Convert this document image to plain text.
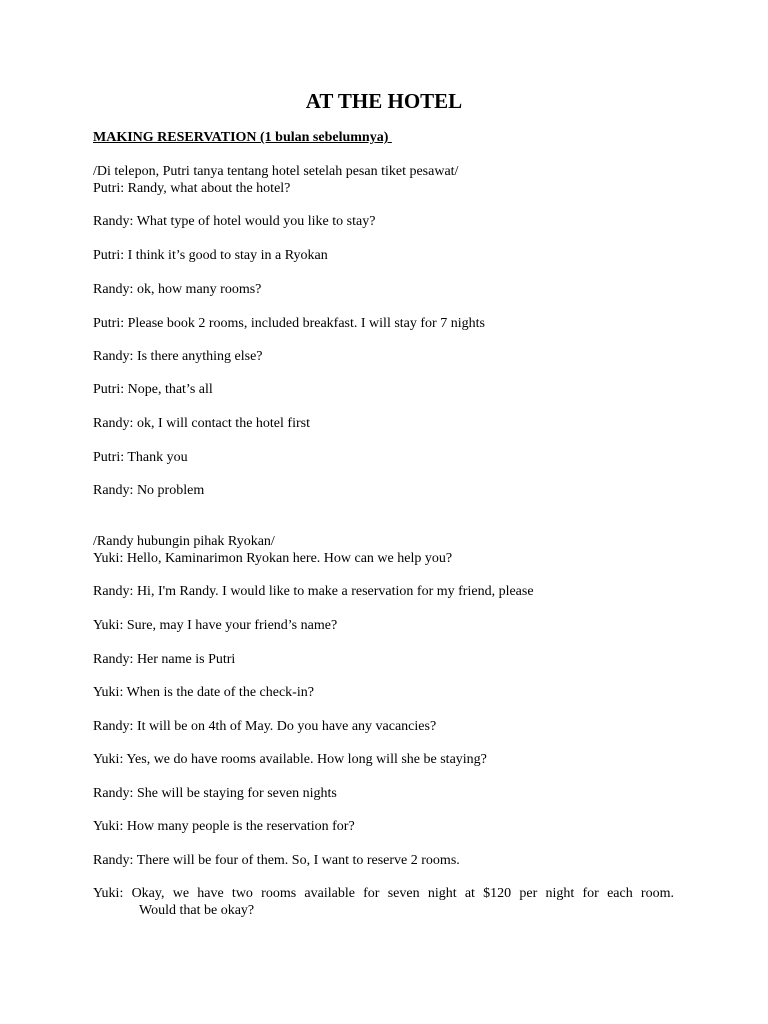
AT THE HOTEL

MAKING RESERVATION (1 bulan sebelumnya)

/Di telepon, Putri tanya tentang hotel setelah pesan tiket pesawat/
Putri: Randy, what about the hotel?
Randy: What type of hotel would you like to stay?
Putri: I think it’s good to stay in a Ryokan
Randy: ok, how many rooms?
Putri: Please book 2 rooms, included breakfast. I will stay for 7 nights
Randy: Is there anything else?
Putri: Nope, that’s all
Randy: ok, I will contact the hotel first
Putri: Thank you
Randy: No problem
/Randy hubungin pihak Ryokan/
Yuki: Hello, Kaminarimon Ryokan here. How can we help you?
Randy: Hi, I'm Randy. I would like to make a reservation for my friend, please
Yuki: Sure, may I have your friend’s name?
Randy: Her name is Putri
Yuki: When is the date of the check-in?
Randy: It will be on 4th of May. Do you have any vacancies?
Yuki: Yes, we do have rooms available. How long will she be staying?
Randy: She will be staying for seven nights
Yuki: How many people is the reservation for?
Randy: There will be four of them. So, I want to reserve 2 rooms.
Yuki: Okay, we have two rooms available for seven night at $120 per night for each room.
Would that be okay?
